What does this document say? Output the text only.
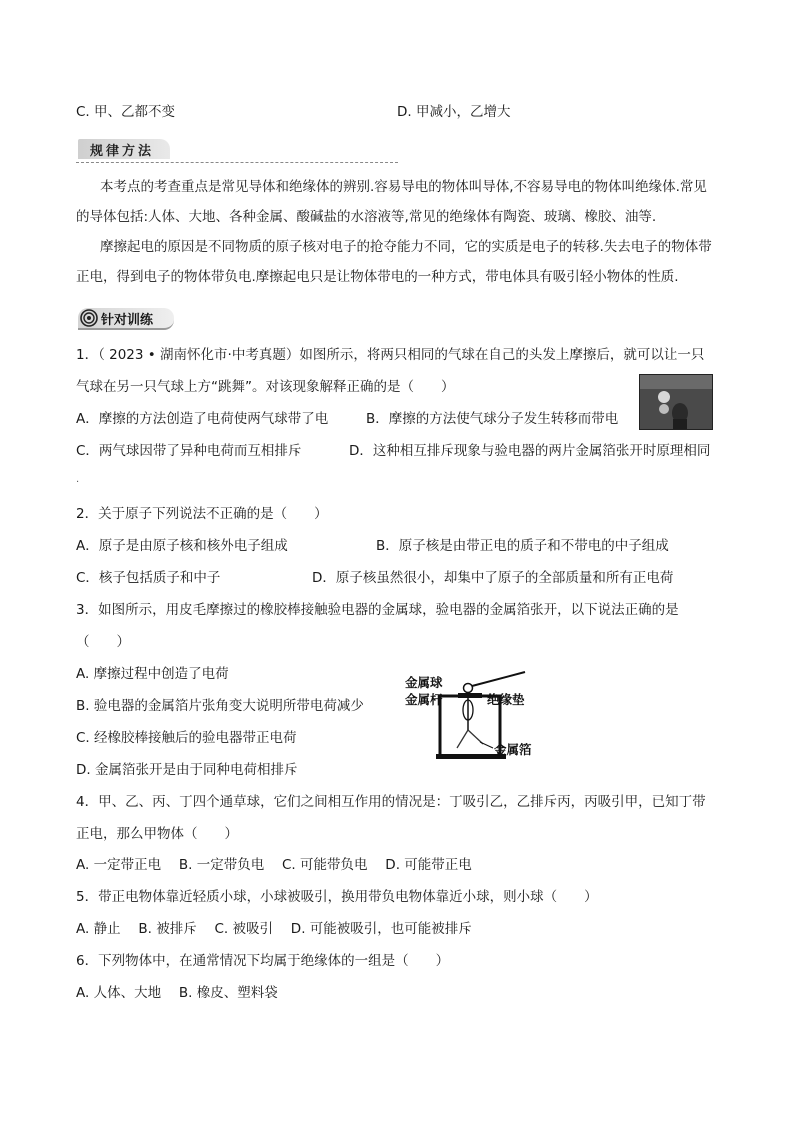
C. 甲、乙都不变	D. 甲减小，乙增大
规律方法
本考点的考查重点是常见导体和绝缘体的辨别.容易导电的物体叫导体,不容易导电的物体叫绝缘体.常见的导体包括:人体、大地、各种金属、酸碱盐的水溶液等,常见的绝缘体有陶瓷、玻璃、橡胶、油等.
摩擦起电的原因是不同物质的原子核对电子的抢夺能力不同，它的实质是电子的转移.失去电子的物体带正电，得到电子的物体带负电.摩擦起电只是让物体带电的一种方式，带电体具有吸引轻小物体的性质.
针对训练
1．（ 2023 • 湖南怀化市·中考真题）如图所示，将两只相同的气球在自己的头发上摩擦后，就可以让一只
气球在另一只气球上方“跳舞”。对该现象解释正确的是（　　）
A．摩擦的方法创造了电荷使两气球带了电	B．摩擦的方法使气球分子发生转移而带电
C．两气球因带了异种电荷而互相排斥	D．这种相互排斥现象与验电器的两片金属箔张开时原理相同
.
2．关于原子下列说法不正确的是（　　）
A．原子是由原子核和核外电子组成	B．原子核是由带正电的质子和不带电的中子组成
C．核子包括质子和中子	D．原子核虽然很小，却集中了原子的全部质量和所有正电荷
3．如图所示，用皮毛摩擦过的橡胶棒接触验电器的金属球，验电器的金属箔张开，以下说法正确的是
（　　）
A. 摩擦过程中创造了电荷
B. 验电器的金属箔片张角变大说明所带电荷减少
C. 经橡胶棒接触后的验电器带正电荷
D. 金属箔张开是由于同种电荷相排斥
金属球
金属杆	绝缘垫
金属箔
4．甲、乙、丙、丁四个通草球，它们之间相互作用的情况是：丁吸引乙，乙排斥丙，丙吸引甲，已知丁带
正电，那么甲物体（　　）
A. 一定带正电　 B. 一定带负电　 C. 可能带负电　 D. 可能带正电
5．带正电物体靠近轻质小球，小球被吸引，换用带负电物体靠近小球，则小球（　　）
A. 静止　 B. 被排斥　 C. 被吸引　 D. 可能被吸引，也可能被排斥
6．下列物体中，在通常情况下均属于绝缘体的一组是（　　）
A. 人体、大地　 B. 橡皮、塑料袋
